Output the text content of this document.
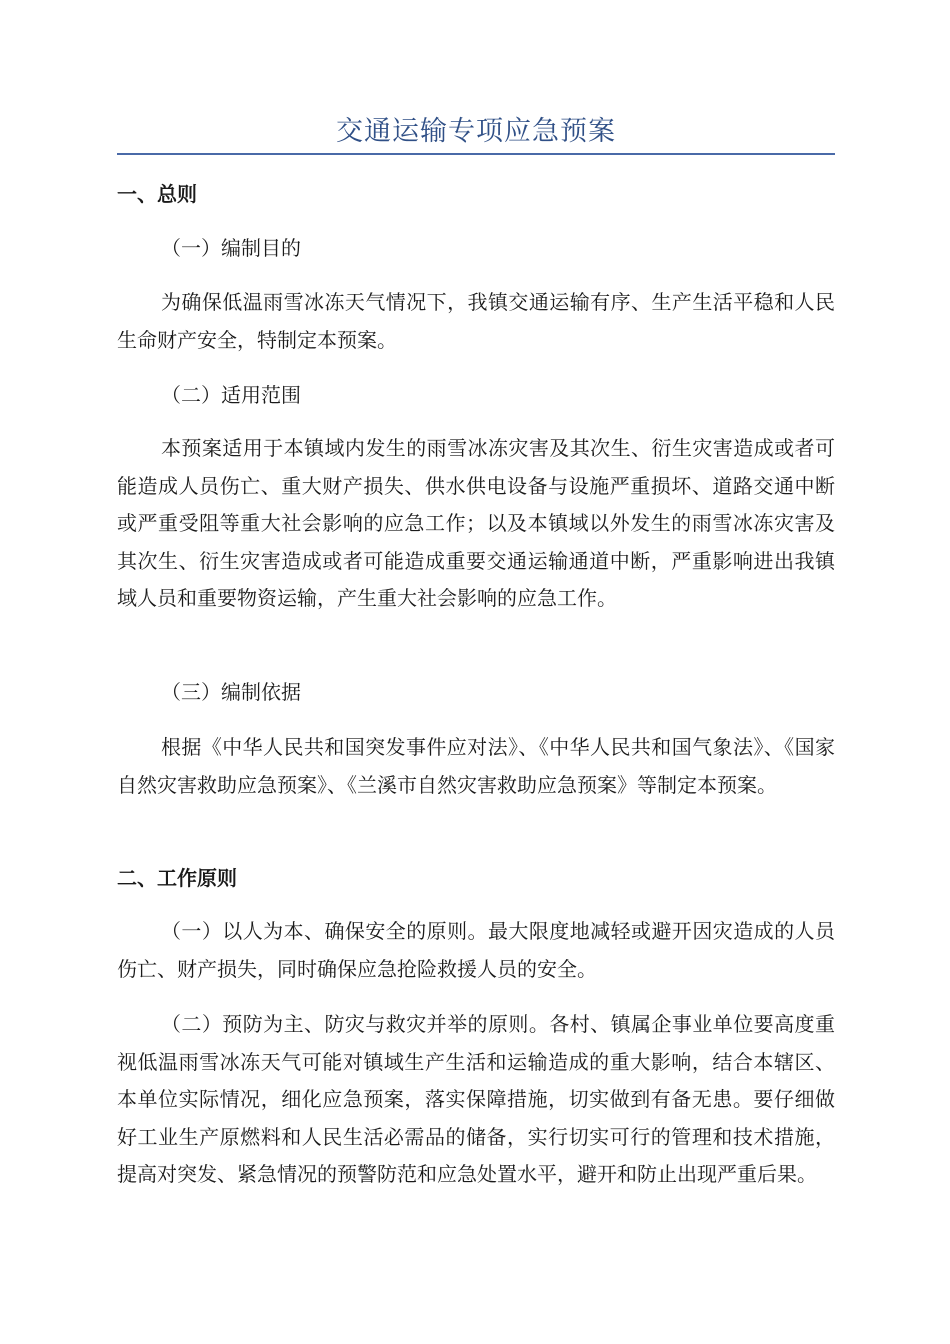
交通运输专项应急预案
一、总则
（一）编制目的

为确保低温雨雪冰冻天气情况下，我镇交通运输有序、生产生活平稳和人民生命财产安全，特制定本预案。

（二）适用范围

本预案适用于本镇域内发生的雨雪冰冻灾害及其次生、衍生灾害造成或者可能造成人员伤亡、重大财产损失、供水供电设备与设施严重损坏、道路交通中断或严重受阻等重大社会影响的应急工作；以及本镇域以外发生的雨雪冰冻灾害及其次生、衍生灾害造成或者可能造成重要交通运输通道中断，严重影响进出我镇域人员和重要物资运输，产生重大社会影响的应急工作。

（三）编制依据

根据《中华人民共和国突发事件应对法》、《中华人民共和国气象法》、《国家自然灾害救助应急预案》、《兰溪市自然灾害救助应急预案》等制定本预案。

二、工作原则

（一）以人为本、确保安全的原则。最大限度地减轻或避开因灾造成的人员伤亡、财产损失，同时确保应急抢险救援人员的安全。

（二）预防为主、防灾与救灾并举的原则。各村、镇属企事业单位要高度重视低温雨雪冰冻天气可能对镇域生产生活和运输造成的重大影响，结合本辖区、本单位实际情况，细化应急预案，落实保障措施，切实做到有备无患。要仔细做好工业生产原燃料和人民生活必需品的储备，实行切实可行的管理和技术措施，提高对突发、紧急情况的预警防范和应急处置水平，避开和防止出现严重后果。
